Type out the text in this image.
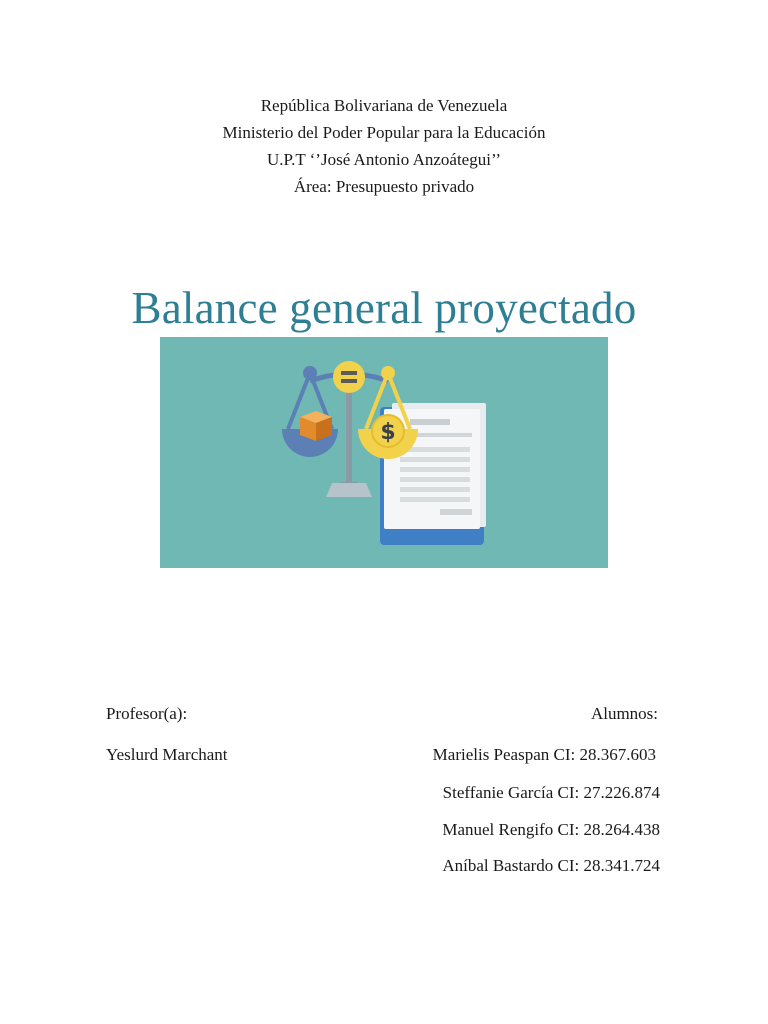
República Bolivariana de Venezuela
Ministerio del Poder Popular para la Educación
U.P.T ‘’José Antonio Anzoátegui’’
Área: Presupuesto privado
Balance general proyectado
$
Profesor(a):
Yeslurd Marchant
Alumnos:
Marielis Peaspan CI: 28.367.603
Steffanie García CI: 27.226.874
Manuel Rengifo CI: 28.264.438
Aníbal Bastardo CI: 28.341.724
